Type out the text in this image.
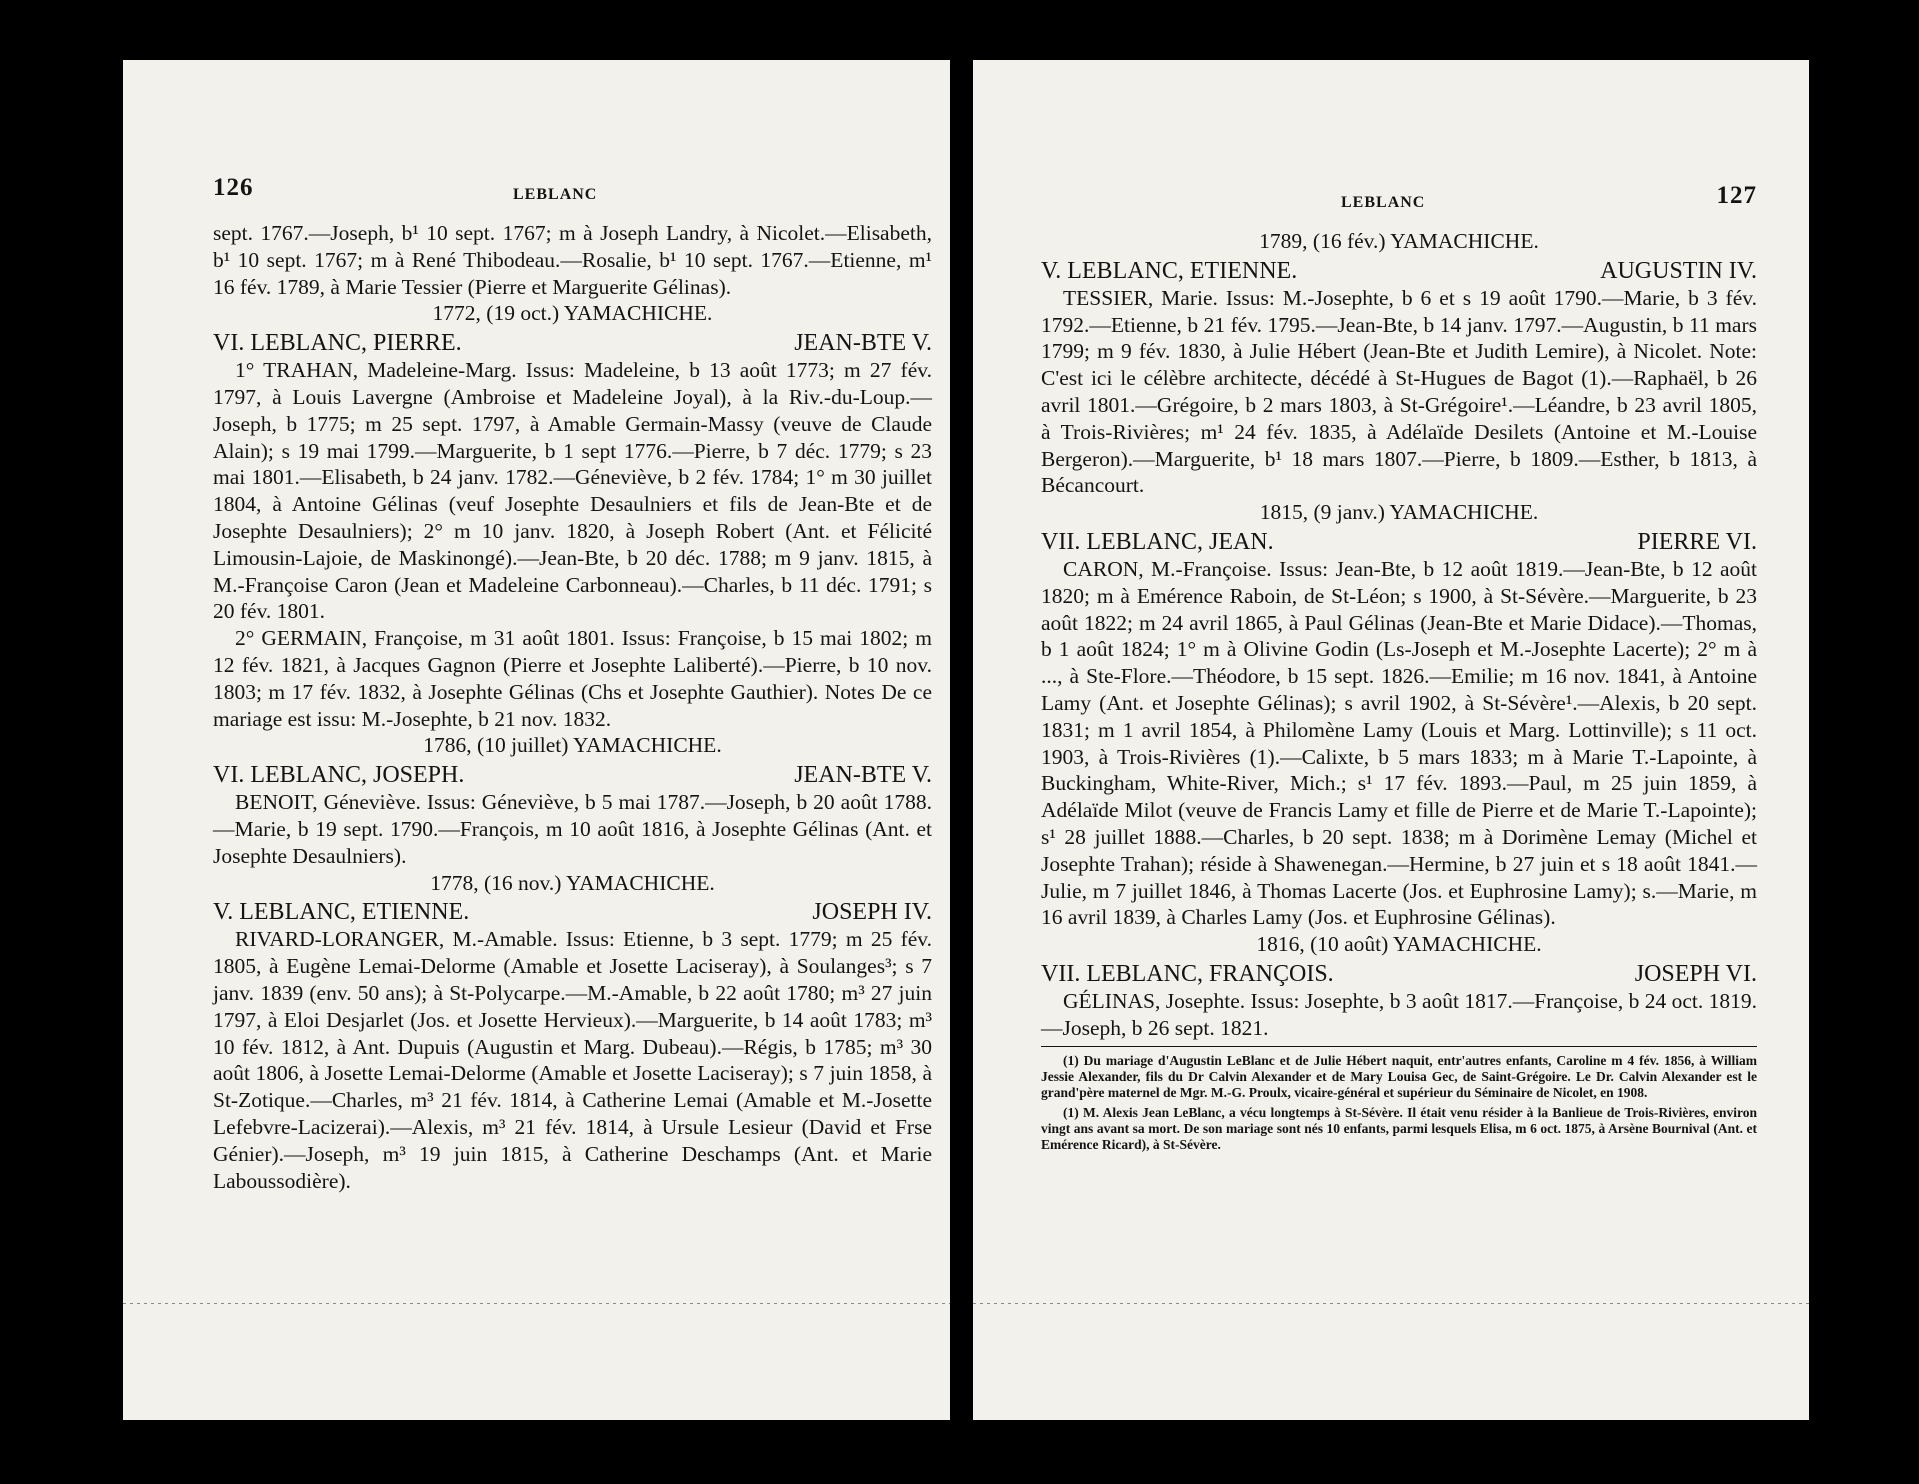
126	LEBLANC

sept. 1767.—Joseph, b¹ 10 sept. 1767; m à Joseph Landry, à Nicolet.—Elisabeth, b¹ 10 sept. 1767; m à René Thibodeau.—Rosalie, b¹ 10 sept. 1767.—Etienne, m¹ 16 fév. 1789, à Marie Tessier (Pierre et Marguerite Gélinas).

1772, (19 oct.) YAMACHICHE.

VI. LEBLANC, PIERRE.	JEAN-BTE V.

1° TRAHAN, Madeleine-Marg. Issus: Madeleine, b 13 août 1773; m 27 fév. 1797, à Louis Lavergne (Ambroise et Madeleine Joyal), à la Riv.-du-Loup.—Joseph, b 1775; m 25 sept. 1797, à Amable Germain-Massy (veuve de Claude Alain); s 19 mai 1799.—Marguerite, b 1 sept 1776.—Pierre, b 7 déc. 1779; s 23 mai 1801.—Elisabeth, b 24 janv. 1782.—Géneviève, b 2 fév. 1784; 1° m 30 juillet 1804, à Antoine Gélinas (veuf Josephte Desaulniers et fils de Jean-Bte et de Josephte Desaulniers); 2° m 10 janv. 1820, à Joseph Robert (Ant. et Félicité Limousin-Lajoie, de Maskinongé).—Jean-Bte, b 20 déc. 1788; m 9 janv. 1815, à M.-Françoise Caron (Jean et Madeleine Carbonneau).—Charles, b 11 déc. 1791; s 20 fév. 1801.

2° GERMAIN, Françoise, m 31 août 1801. Issus: Françoise, b 15 mai 1802; m 12 fév. 1821, à Jacques Gagnon (Pierre et Josephte Laliberté).—Pierre, b 10 nov. 1803; m 17 fév. 1832, à Josephte Gélinas (Chs et Josephte Gauthier). Notes De ce mariage est issu: M.-Josephte, b 21 nov. 1832.

1786, (10 juillet) YAMACHICHE.

VI. LEBLANC, JOSEPH.	JEAN-BTE V.

BENOIT, Géneviève. Issus: Géneviève, b 5 mai 1787.—Joseph, b 20 août 1788.—Marie, b 19 sept. 1790.—François, m 10 août 1816, à Josephte Gélinas (Ant. et Josephte Desaulniers).

1778, (16 nov.) YAMACHICHE.

V. LEBLANC, ETIENNE.	JOSEPH IV.

RIVARD-LORANGER, M.-Amable. Issus: Etienne, b 3 sept. 1779; m 25 fév. 1805, à Eugène Lemai-Delorme (Amable et Josette Laciseray), à Soulanges³; s 7 janv. 1839 (env. 50 ans); à St-Polycarpe.—M.-Amable, b 22 août 1780; m³ 27 juin 1797, à Eloi Desjarlet (Jos. et Josette Hervieux).—Marguerite, b 14 août 1783; m³ 10 fév. 1812, à Ant. Dupuis (Augustin et Marg. Dubeau).—Régis, b 1785; m³ 30 août 1806, à Josette Lemai-Delorme (Amable et Josette Laciseray); s 7 juin 1858, à St-Zotique.—Charles, m³ 21 fév. 1814, à Catherine Lemai (Amable et M.-Josette Lefebvre-Lacizerai).—Alexis, m³ 21 fév. 1814, à Ursule Lesieur (David et Frse Génier).—Joseph, m³ 19 juin 1815, à Catherine Deschamps (Ant. et Marie Laboussodière).

LEBLANC	127

1789, (16 fév.) YAMACHICHE.

V. LEBLANC, ETIENNE.	AUGUSTIN IV.

TESSIER, Marie. Issus: M.-Josephte, b 6 et s 19 août 1790.—Marie, b 3 fév. 1792.—Etienne, b 21 fév. 1795.—Jean-Bte, b 14 janv. 1797.—Augustin, b 11 mars 1799; m 9 fév. 1830, à Julie Hébert (Jean-Bte et Judith Lemire), à Nicolet. Note: C'est ici le célèbre architecte, décédé à St-Hugues de Bagot (1).—Raphaël, b 26 avril 1801.—Grégoire, b 2 mars 1803, à St-Grégoire¹.—Léandre, b 23 avril 1805, à Trois-Rivières; m¹ 24 fév. 1835, à Adélaïde Desilets (Antoine et M.-Louise Bergeron).—Marguerite, b¹ 18 mars 1807.—Pierre, b 1809.—Esther, b 1813, à Bécancourt.

1815, (9 janv.) YAMACHICHE.

VII. LEBLANC, JEAN.	PIERRE VI.

CARON, M.-Françoise. Issus: Jean-Bte, b 12 août 1819.—Jean-Bte, b 12 août 1820; m à Emérence Raboin, de St-Léon; s 1900, à St-Sévère.—Marguerite, b 23 août 1822; m 24 avril 1865, à Paul Gélinas (Jean-Bte et Marie Didace).—Thomas, b 1 août 1824; 1° m à Olivine Godin (Ls-Joseph et M.-Josephte Lacerte); 2° m à ..., à Ste-Flore.—Théodore, b 15 sept. 1826.—Emilie; m 16 nov. 1841, à Antoine Lamy (Ant. et Josephte Gélinas); s avril 1902, à St-Sévère¹.—Alexis, b 20 sept. 1831; m 1 avril 1854, à Philomène Lamy (Louis et Marg. Lottinville); s 11 oct. 1903, à Trois-Rivières (1).—Calixte, b 5 mars 1833; m à Marie T.-Lapointe, à Buckingham, White-River, Mich.; s¹ 17 fév. 1893.—Paul, m 25 juin 1859, à Adélaïde Milot (veuve de Francis Lamy et fille de Pierre et de Marie T.-Lapointe); s¹ 28 juillet 1888.—Charles, b 20 sept. 1838; m à Dorimène Lemay (Michel et Josephte Trahan); réside à Shawenegan.—Hermine, b 27 juin et s 18 août 1841.—Julie, m 7 juillet 1846, à Thomas Lacerte (Jos. et Euphrosine Lamy); s.—Marie, m 16 avril 1839, à Charles Lamy (Jos. et Euphrosine Gélinas).

1816, (10 août) YAMACHICHE.

VII. LEBLANC, FRANÇOIS.	JOSEPH VI.

GÉLINAS, Josephte. Issus: Josephte, b 3 août 1817.—Françoise, b 24 oct. 1819.—Joseph, b 26 sept. 1821.

(1) Du mariage d'Augustin LeBlanc et de Julie Hébert naquit, entr'autres enfants, Caroline m 4 fév. 1856, à William Jessie Alexander, fils du Dr Calvin Alexander et de Mary Louisa Gec, de Saint-Grégoire. Le Dr. Calvin Alexander est le grand'père maternel de Mgr. M.-G. Proulx, vicaire-général et supérieur du Séminaire de Nicolet, en 1908.

(1) M. Alexis Jean LeBlanc, a vécu longtemps à St-Sévère. Il était venu résider à la Banlieue de Trois-Rivières, environ vingt ans avant sa mort. De son mariage sont nés 10 enfants, parmi lesquels Elisa, m 6 oct. 1875, à Arsène Bournival (Ant. et Emérence Ricard), à St-Sévère.
